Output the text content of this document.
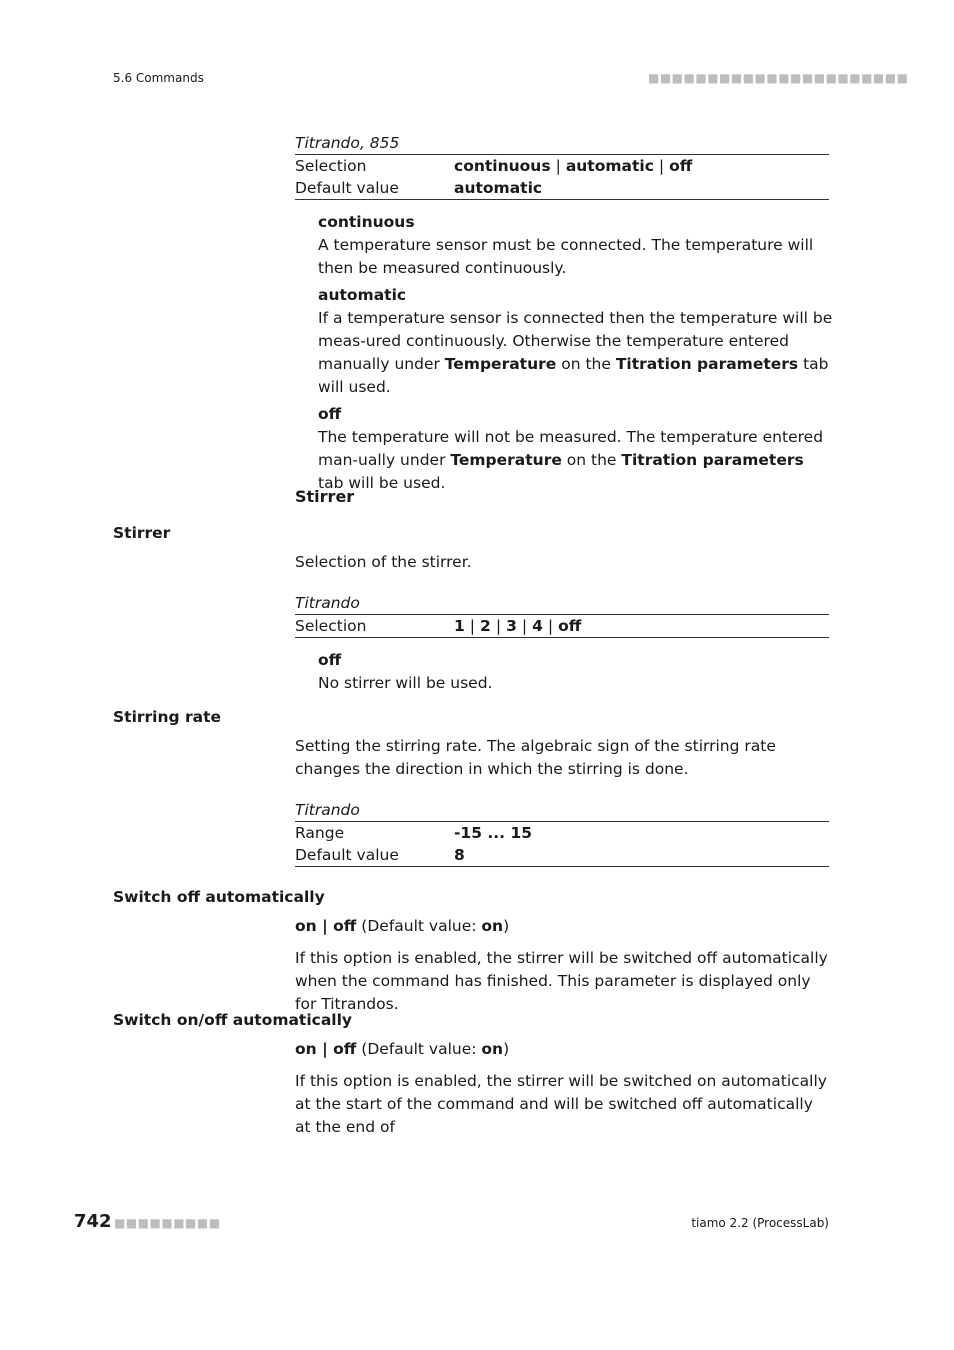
5.6 Commands	■■■■■■■■■■■■■■■■■■■■■■
Titrando, 855
Selection	continuous | automatic | off
Default value	automatic
continuous
A temperature sensor must be connected. The temperature will then be measured continuously.
automatic
If a temperature sensor is connected then the temperature will be meas-ured continuously. Otherwise the temperature entered manually under Temperature on the Titration parameters tab will used.
off
The temperature will not be measured. The temperature entered man-ually under Temperature on the Titration parameters tab will be used.
Stirrer
Stirrer
Selection of the stirrer.
Titrando
Selection	1 | 2 | 3 | 4 | off
off
No stirrer will be used.
Stirring rate
Setting the stirring rate. The algebraic sign of the stirring rate changes the direction in which the stirring is done.
Titrando
Range	-15 ... 15
Default value	8
Switch off automatically
on | off (Default value: on)
If this option is enabled, the stirrer will be switched off automatically when the command has finished. This parameter is displayed only for Titrandos.
Switch on/off automatically
on | off (Default value: on)
If this option is enabled, the stirrer will be switched on automatically at the start of the command and will be switched off automatically at the end of
742 ■■■■■■■■■	tiamo 2.2 (ProcessLab)
